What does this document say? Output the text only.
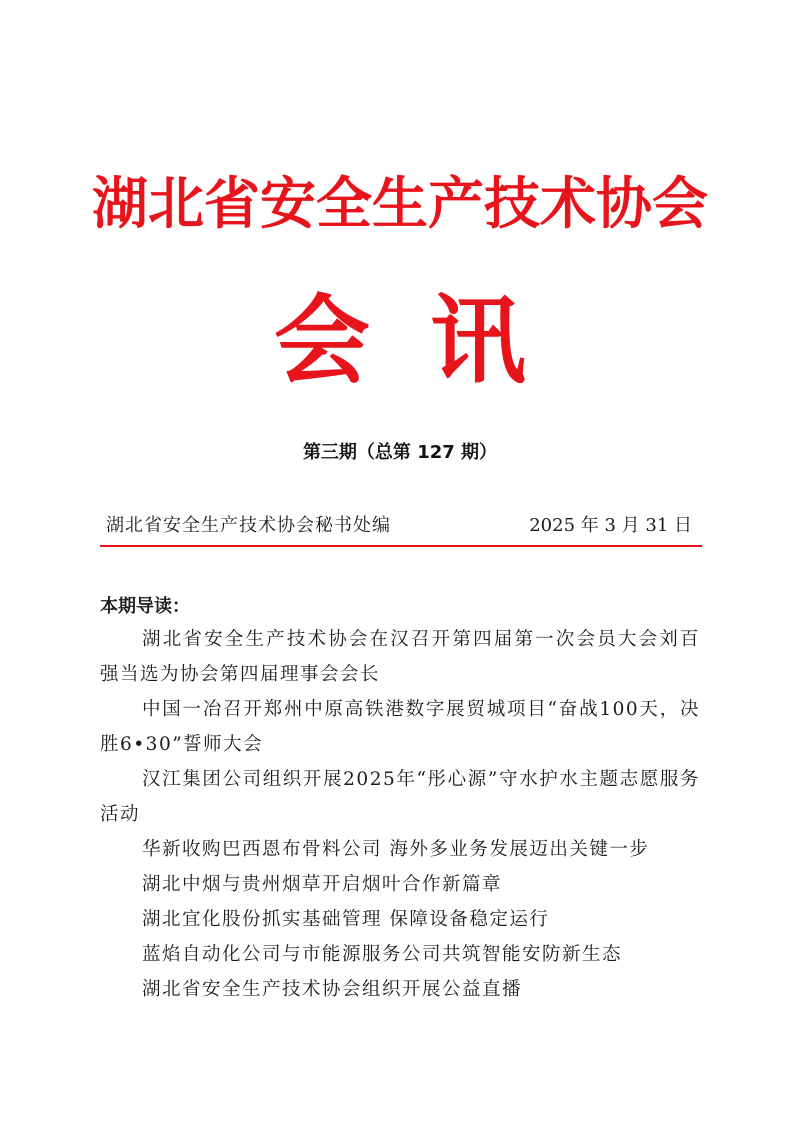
湖北省安全生产技术协会
会讯
第三期（总第 127 期）
湖北省安全生产技术协会秘书处编	2025 年 3 月 31 日
本期导读：
湖北省安全生产技术协会在汉召开第四届第一次会员大会刘百强当选为协会第四届理事会会长
中国一冶召开郑州中原高铁港数字展贸城项目“奋战100天，决胜6•30”誓师大会
汉江集团公司组织开展2025年“彤心源”守水护水主题志愿服务活动
华新收购巴西恩布骨料公司 海外多业务发展迈出关键一步
湖北中烟与贵州烟草开启烟叶合作新篇章
湖北宜化股份抓实基础管理 保障设备稳定运行
蓝焰自动化公司与市能源服务公司共筑智能安防新生态
湖北省安全生产技术协会组织开展公益直播
